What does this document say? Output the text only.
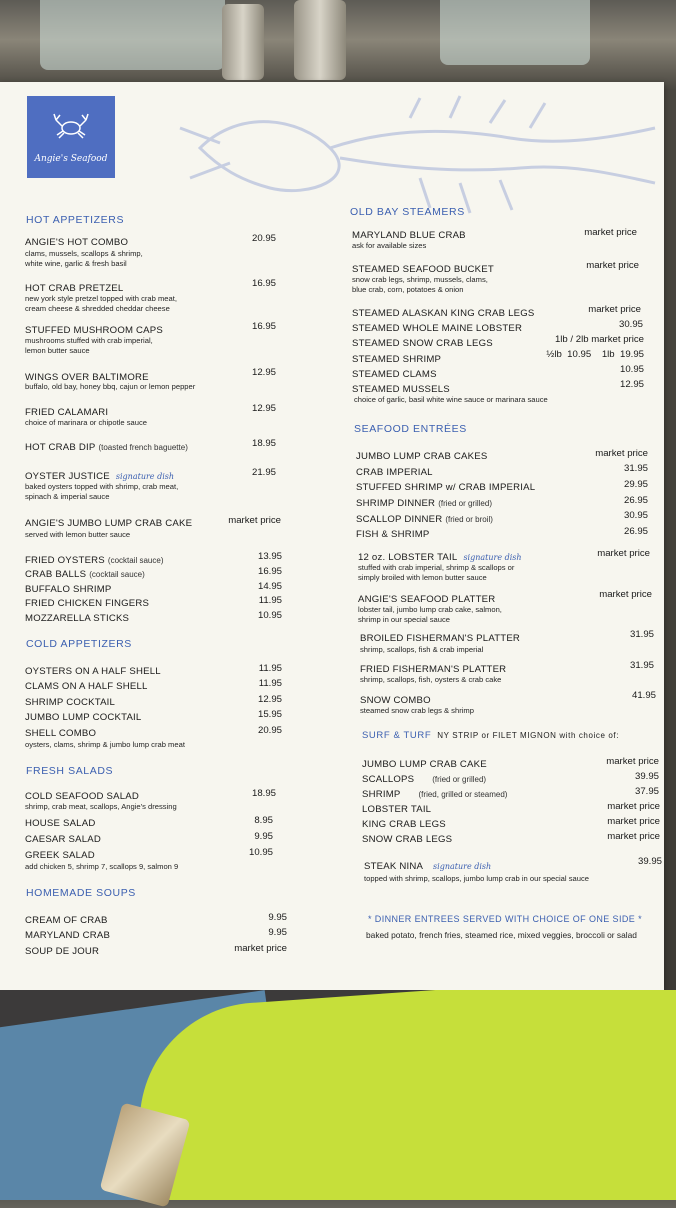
Angie's Seafood
HOT APPETIZERS
ANGIE'S HOT COMBO
clams, mussels, scallops & shrimp,
white wine, garlic & fresh basil
20.95
HOT CRAB PRETZEL
new york style pretzel topped with crab meat,
cream cheese & shredded cheddar cheese
16.95
STUFFED MUSHROOM CAPS
mushrooms stuffed with crab imperial,
lemon butter sauce
16.95
WINGS OVER BALTIMORE
buffalo, old bay, honey bbq, cajun or lemon pepper
12.95
FRIED CALAMARI
choice of marinara or chipotle sauce
12.95
HOT CRAB DIP (toasted french baguette)	18.95
OYSTER JUSTICE signature dish
baked oysters topped with shrimp, crab meat,
spinach & imperial sauce
21.95
ANGIE'S JUMBO LUMP CRAB CAKE
served with lemon butter sauce
market price
FRIED OYSTERS (cocktail sauce)	13.95
CRAB BALLS (cocktail sauce)	16.95
BUFFALO SHRIMP	14.95
FRIED CHICKEN FINGERS	11.95
MOZZARELLA STICKS	10.95
COLD APPETIZERS
OYSTERS ON A HALF SHELL	11.95
CLAMS ON A HALF SHELL	11.95
SHRIMP COCKTAIL	12.95
JUMBO LUMP COCKTAIL	15.95
SHELL COMBO
oysters, clams, shrimp & jumbo lump crab meat
20.95
FRESH SALADS
COLD SEAFOOD SALAD
shrimp, crab meat, scallops, Angie's dressing
18.95
HOUSE SALAD	8.95
CAESAR SALAD	9.95
GREEK SALAD
add chicken 5, shrimp 7, scallops 9, salmon 9
10.95
HOMEMADE SOUPS
CREAM OF CRAB	9.95
MARYLAND CRAB	9.95
SOUP DE JOUR	market price
OLD BAY STEAMERS
MARYLAND BLUE CRAB
ask for available sizes
market price
STEAMED SEAFOOD BUCKET
snow crab legs, shrimp, mussels, clams,
blue crab, corn, potatoes & onion
market price
STEAMED ALASKAN KING CRAB LEGS	market price
STEAMED WHOLE MAINE LOBSTER	30.95
STEAMED SNOW CRAB LEGS	1lb / 2lb market price
STEAMED SHRIMP	½lb  10.95    1lb  19.95
STEAMED CLAMS	10.95
STEAMED MUSSELS
choice of garlic, basil white wine sauce or marinara sauce
12.95
SEAFOOD ENTRÉES
JUMBO LUMP CRAB CAKES	market price
CRAB IMPERIAL	31.95
STUFFED SHRIMP w/ CRAB IMPERIAL	29.95
SHRIMP DINNER (fried or grilled)	26.95
SCALLOP DINNER (fried or broil)	30.95
FISH & SHRIMP	26.95
12 oz. LOBSTER TAIL signature dish
stuffed with crab imperial, shrimp & scallops or
simply broiled with lemon butter sauce
market price
ANGIE'S SEAFOOD PLATTER
lobster tail, jumbo lump crab cake, salmon,
shrimp in our special sauce
market price
BROILED FISHERMAN'S PLATTER
shrimp, scallops, fish & crab imperial
31.95
FRIED FISHERMAN'S PLATTER
shrimp, scallops, fish, oysters & crab cake
31.95
SNOW COMBO
steamed snow crab legs & shrimp
41.95
SURF & TURF NY STRIP or FILET MIGNON with choice of:
JUMBO LUMP CRAB CAKE	market price
SCALLOPS (fried or grilled)	39.95
SHRIMP (fried, grilled or steamed)	37.95
LOBSTER TAIL	market price
KING CRAB LEGS	market price
SNOW CRAB LEGS	market price
STEAK NINA signature dish
topped with shrimp, scallops, jumbo lump crab in our special sauce
39.95
* DINNER ENTREES SERVED WITH CHOICE OF ONE SIDE *
baked potato, french fries, steamed rice, mixed veggies, broccoli or salad
